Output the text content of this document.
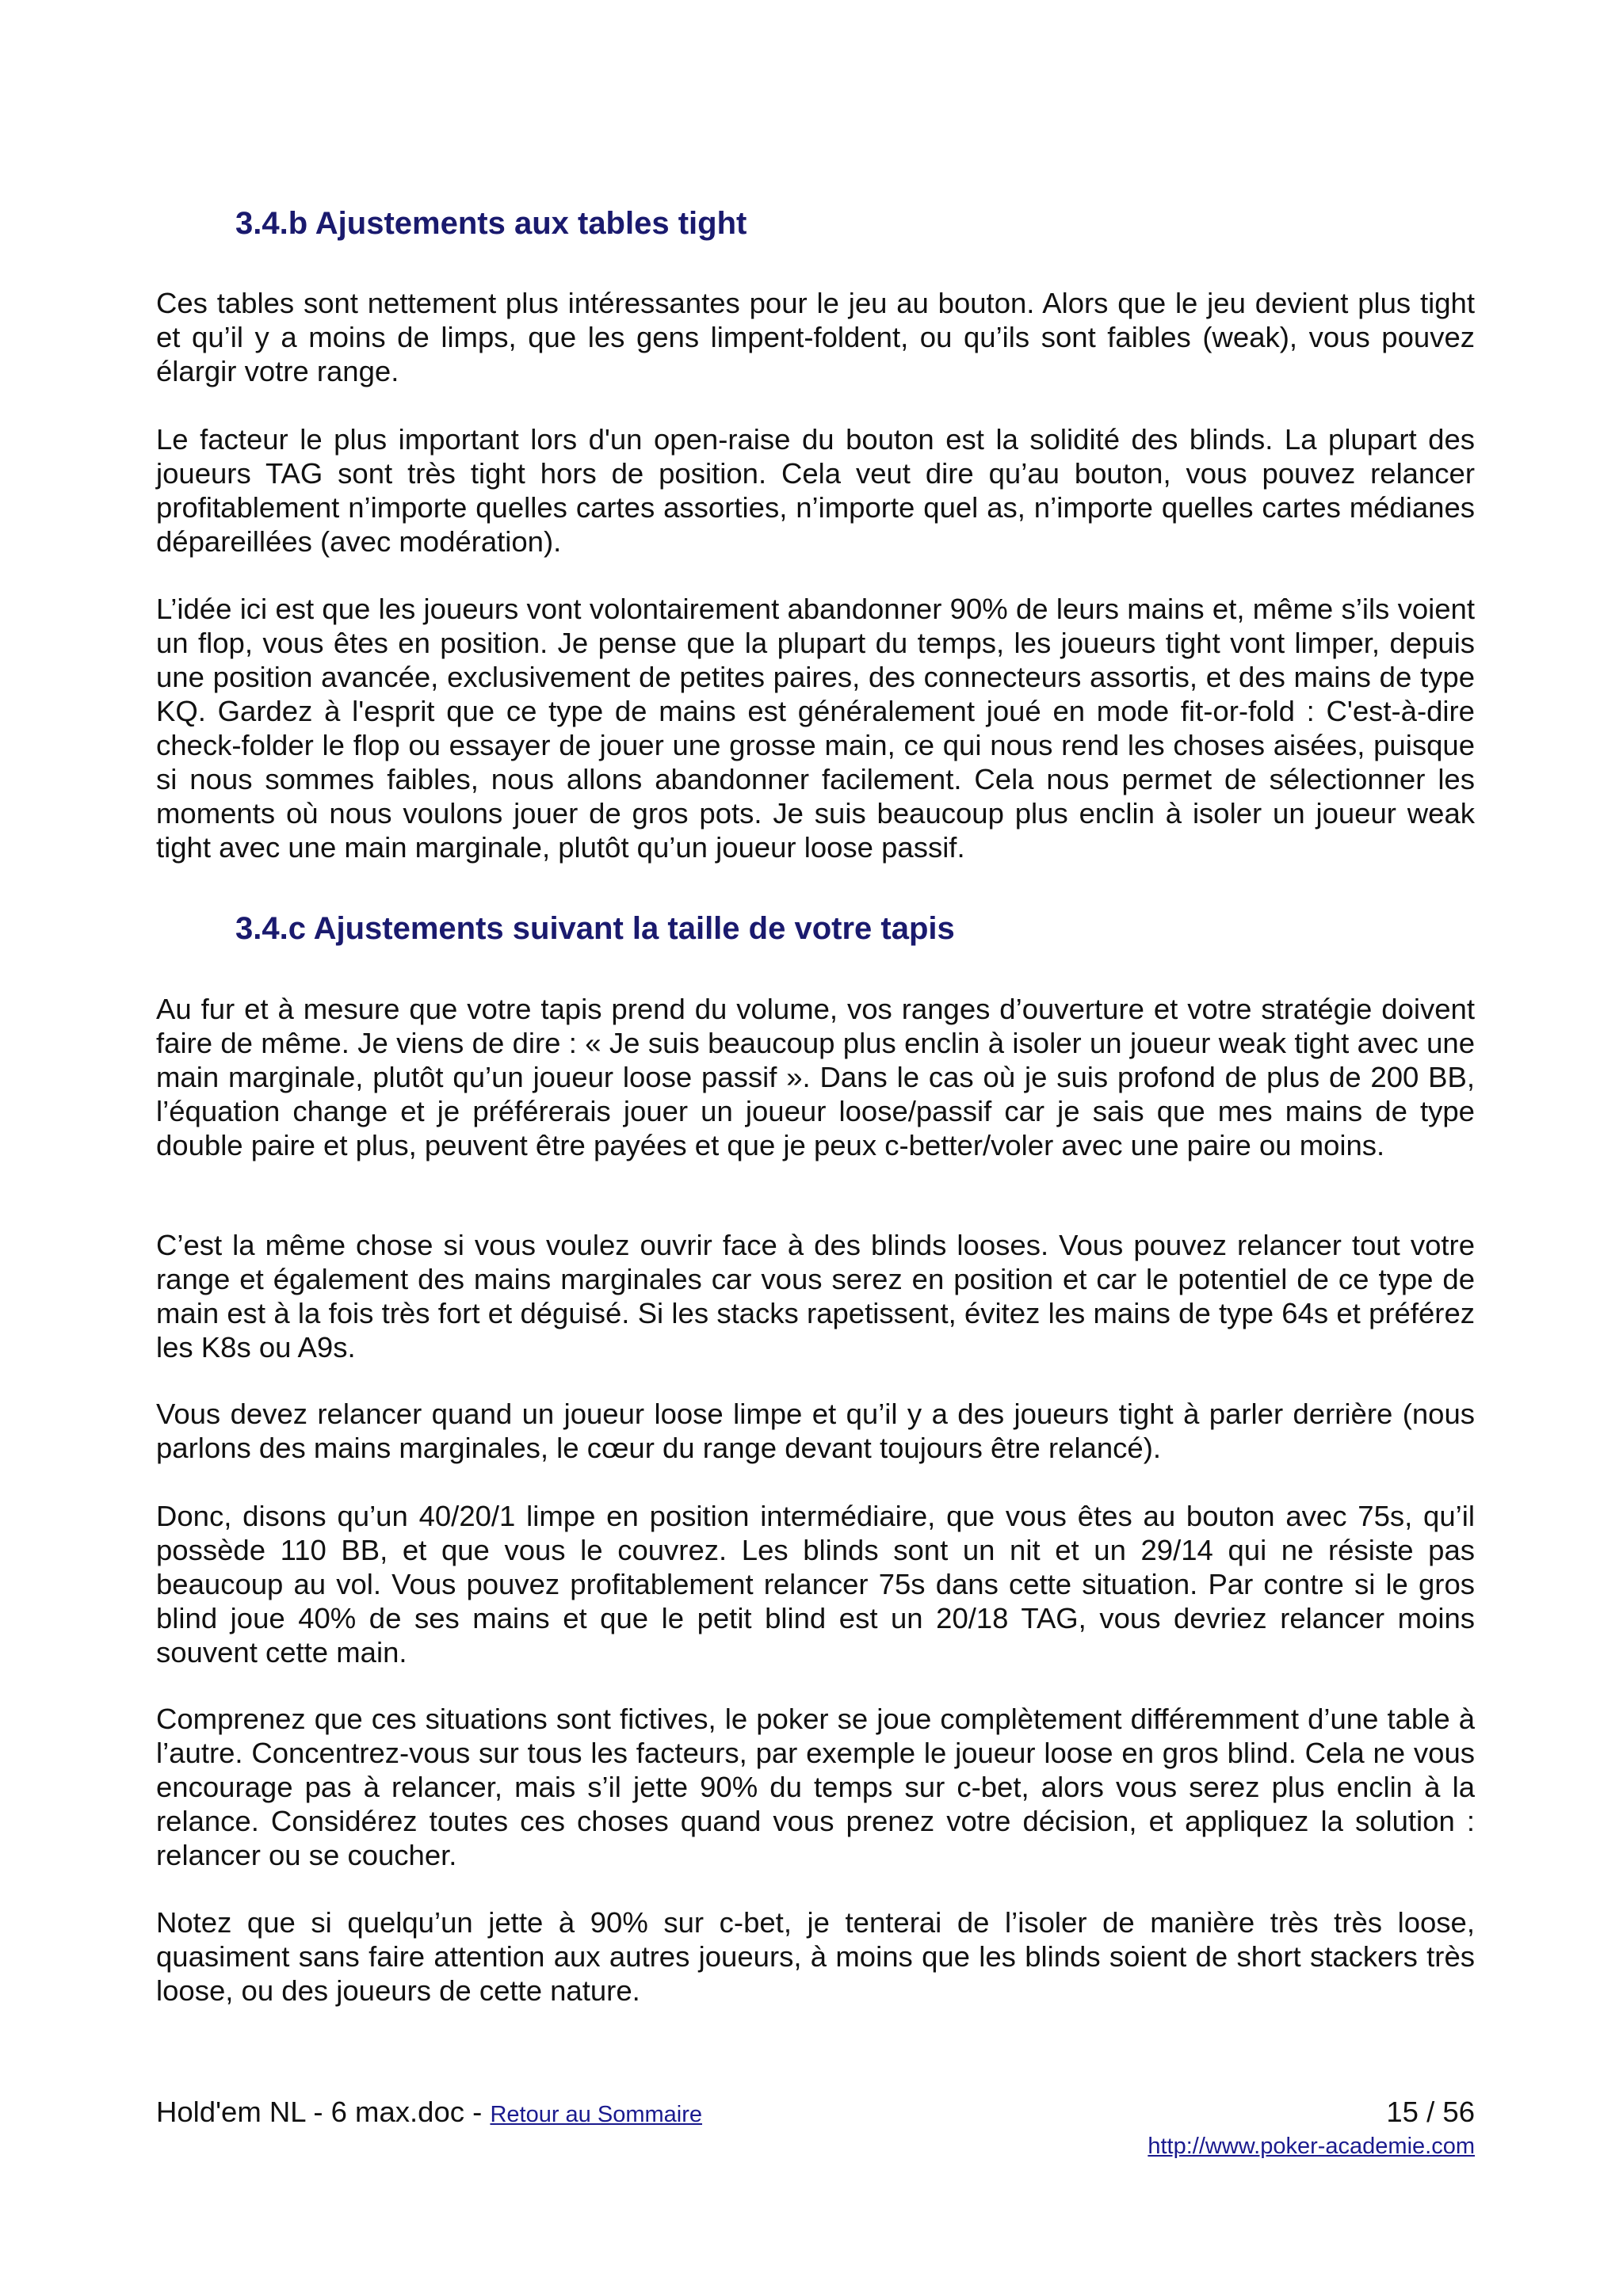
3.4.b Ajustements aux tables tight

Ces tables sont nettement plus intéressantes pour le jeu au bouton. Alors que le jeu devient plus tight et qu’il y a moins de limps, que les gens limpent-foldent, ou qu’ils sont faibles (weak), vous pouvez élargir votre range.

Le facteur le plus important lors d'un open-raise du bouton est la solidité des blinds. La plupart des joueurs TAG sont très tight hors de position. Cela veut dire qu’au bouton, vous pouvez relancer profitablement n’importe quelles cartes assorties, n’importe quel as, n’importe quelles cartes médianes dépareillées (avec modération).

L’idée ici est que les joueurs vont volontairement abandonner 90% de leurs mains et, même s’ils voient un flop, vous êtes en position. Je pense que la plupart du temps, les joueurs tight vont limper, depuis une position avancée, exclusivement de petites paires, des connecteurs assortis, et des mains de type KQ. Gardez à l'esprit que ce type de mains est généralement joué en mode fit-or-fold : C'est-à-dire check-folder le flop ou essayer de jouer une grosse main, ce qui nous rend les choses aisées, puisque si nous sommes faibles, nous allons abandonner facilement. Cela nous permet de sélectionner les moments où nous voulons jouer de gros pots. Je suis beaucoup plus enclin à isoler un joueur weak tight avec une main marginale, plutôt qu’un joueur loose passif.

3.4.c Ajustements suivant la taille de votre tapis

Au fur et à mesure que votre tapis prend du volume, vos ranges d’ouverture et votre stratégie doivent faire de même. Je viens de dire : « Je suis beaucoup plus enclin à isoler un joueur weak tight avec une main marginale, plutôt qu’un joueur loose passif ». Dans le cas où je suis profond de plus de 200 BB, l’équation change et je préférerais jouer un joueur loose/passif car je sais que mes mains de type double paire et plus, peuvent être payées et que je peux c-better/voler avec une paire ou moins.

C’est la même chose si vous voulez ouvrir face à des blinds looses. Vous pouvez relancer tout votre range et également des mains marginales car vous serez en position et car le potentiel de ce type de main est à la fois très fort et déguisé. Si les stacks rapetissent, évitez les mains de type 64s et préférez les K8s ou A9s.

Vous devez relancer quand un joueur loose limpe et qu’il y a des joueurs tight à parler derrière (nous parlons des mains marginales, le cœur du range devant toujours être relancé).

Donc, disons qu’un 40/20/1 limpe en position intermédiaire, que vous êtes au bouton avec 75s, qu’il possède 110 BB, et que vous le couvrez. Les blinds sont un nit et un 29/14 qui ne résiste pas beaucoup au vol. Vous pouvez profitablement relancer 75s dans cette situation. Par contre si le gros blind joue 40% de ses mains et que le petit blind est un 20/18 TAG, vous devriez relancer moins souvent cette main.

Comprenez que ces situations sont fictives, le poker se joue complètement différemment d’une table à l’autre. Concentrez-vous sur tous les facteurs, par exemple le joueur loose en gros blind. Cela ne vous encourage pas à relancer, mais s’il jette 90% du temps sur c-bet, alors vous serez plus enclin à la relance. Considérez toutes ces choses quand vous prenez votre décision, et appliquez la solution : relancer ou se coucher.

Notez que si quelqu’un jette à 90% sur c-bet, je tenterai de l’isoler de manière très très loose, quasiment sans faire attention aux autres joueurs, à moins que les blinds soient de short stackers très loose, ou des joueurs de cette nature.

Hold'em NL - 6 max.doc - Retour au Sommaire	15 / 56
http://www.poker-academie.com
